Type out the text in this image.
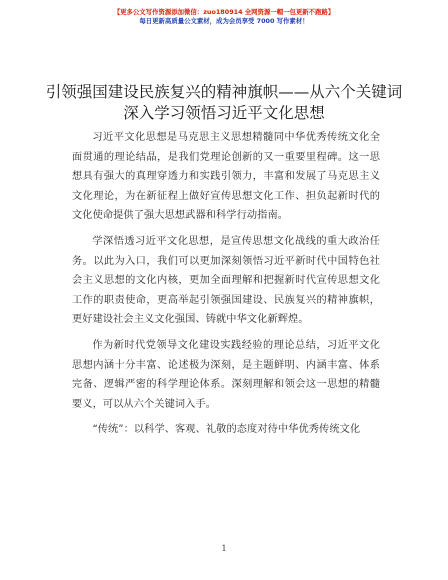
【更多公文写作资源添加微信：zuo180914 全网资源一帽一包更新不跑路】
每日更新高质量公文素材，成为会员享受 7000 写作素材！
引领强国建设民族复兴的精神旗帜——从六个关键词深入学习领悟习近平文化思想

习近平文化思想是马克思主义思想精髓同中华优秀传统文化全面贯通的理论结晶，是我们党理论创新的又一重要里程碑。这一思想具有强大的真理穿透力和实践引领力，丰富和发展了马克思主义文化理论，为在新征程上做好宣传思想文化工作、担负起新时代的文化使命提供了强大思想武器和科学行动指南。

学深悟透习近平文化思想，是宣传思想文化战线的重大政治任务。以此为入口，我们可以更加深刻领悟习近平新时代中国特色社会主义思想的文化内核，更加全面理解和把握新时代宣传思想文化工作的职责使命，更高举起引领强国建设、民族复兴的精神旗帜，更好建设社会主义文化强国、铸就中华文化新辉煌。

作为新时代党领导文化建设实践经验的理论总结，习近平文化思想内涵十分丰富、论述极为深刻，是主题鲜明、内涵丰富、体系完备、逻辑严密的科学理论体系。深刻理解和领会这一思想的精髓要义，可以从六个关键词入手。

“传统”：以科学、客观、礼敬的态度对待中华优秀传统文化

1
